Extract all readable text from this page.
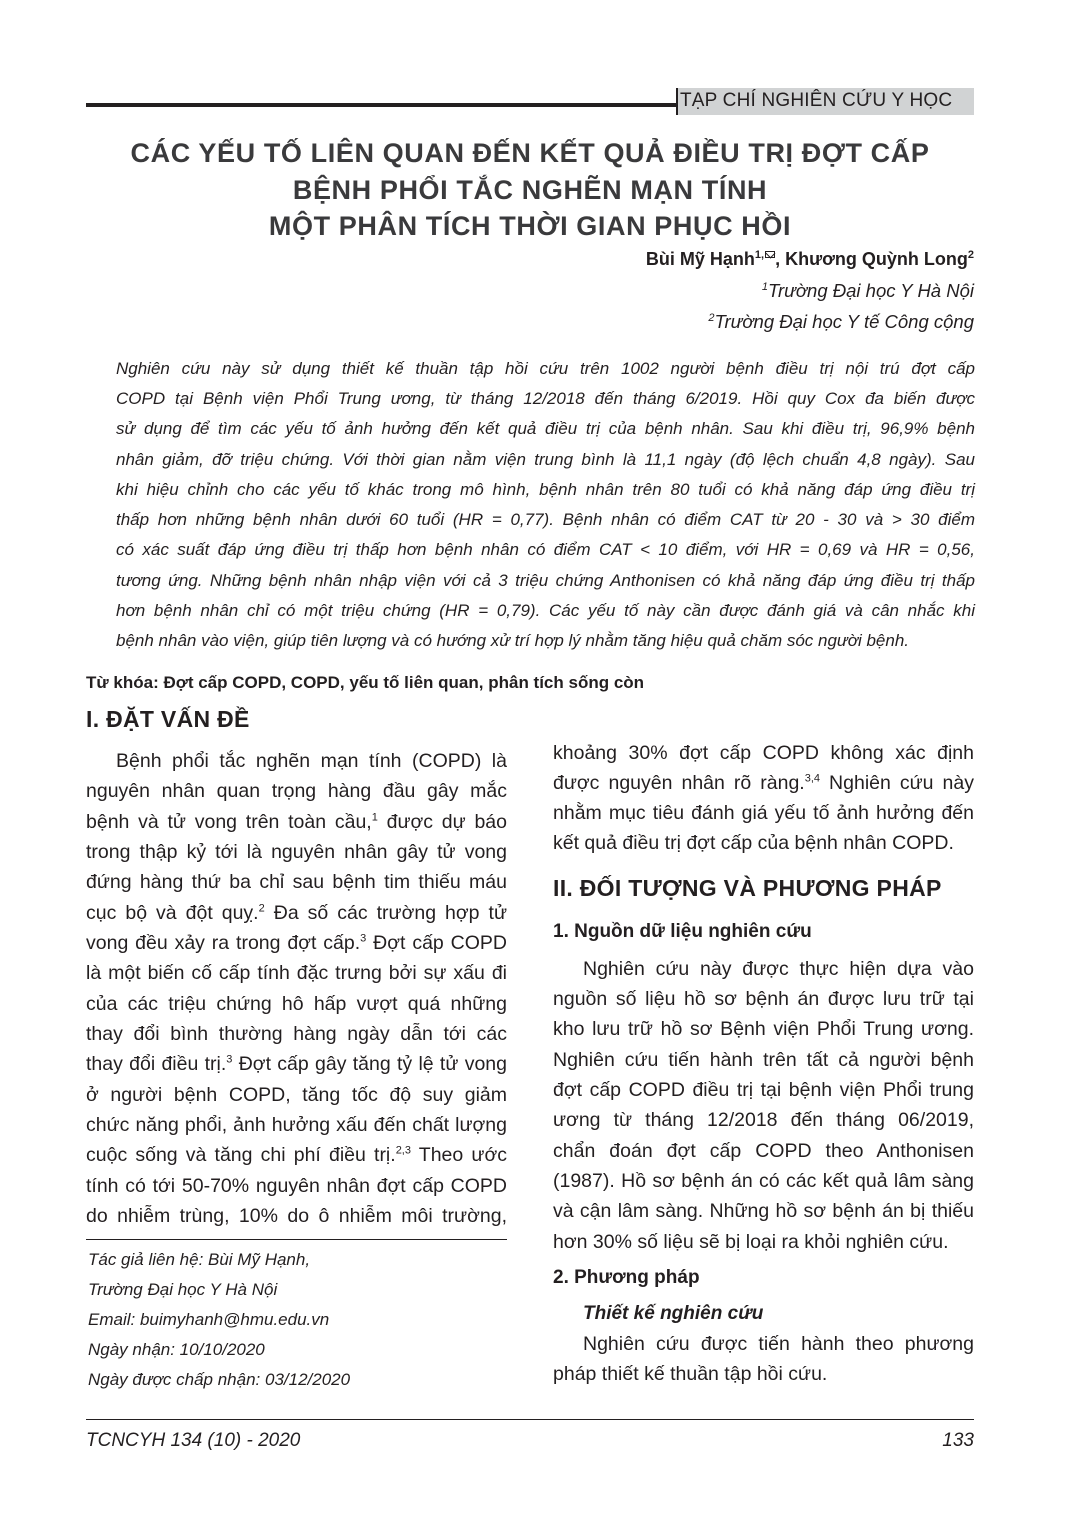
TẠP CHÍ NGHIÊN CỨU Y HỌC
CÁC YẾU TỐ LIÊN QUAN ĐẾN KẾT QUẢ ĐIỀU TRỊ ĐỢT CẤP
BỆNH PHỔI TẮC NGHẼN MẠN TÍNH
MỘT PHÂN TÍCH THỜI GIAN PHỤC HỒI
Bùi Mỹ Hạnh$^{1,}$ , Khương Quỳnh Long$^2$
$^1$Trường Đại học Y Hà Nội
$^2$Trường Đại học Y tế Công cộng
Nghiên cứu này sử dụng thiết kế thuần tập hồi cứu trên 1002 người bệnh điều trị nội trú đợt cấp
COPD tại Bệnh viện Phổi Trung ương, từ tháng 12/2018 đến tháng 6/2019. Hồi quy Cox đa biến được
sử dụng để tìm các yếu tố ảnh hưởng đến kết quả điều trị của bệnh nhân. Sau khi điều trị, 96,9% bệnh
nhân giảm, đỡ triệu chứng. Với thời gian nằm viện trung bình là 11,1 ngày (độ lệch chuẩn 4,8 ngày). Sau
khi hiệu chỉnh cho các yếu tố khác trong mô hình, bệnh nhân trên 80 tuổi có khả năng đáp ứng điều trị
thấp hơn những bệnh nhân dưới 60 tuổi (HR = 0,77). Bệnh nhân có điểm CAT từ 20 - 30 và > 30 điểm
có xác suất đáp ứng điều trị thấp hơn bệnh nhân có điểm CAT < 10 điểm, với HR = 0,69 và HR = 0,56,
tương ứng. Những bệnh nhân nhập viện với cả 3 triệu chứng Anthonisen có khả năng đáp ứng điều trị thấp
hơn bệnh nhân chỉ có một triệu chứng (HR = 0,79). Các yếu tố này cần được đánh giá và cân nhắc khi
bệnh nhân vào viện, giúp tiên lượng và có hướng xử trí hợp lý nhằm tăng hiệu quả chăm sóc người bệnh.
Từ khóa: Đợt cấp COPD, COPD, yếu tố liên quan, phân tích sống còn
I. ĐẶT VẤN ĐỀ
Bệnh phổi tắc nghẽn mạn tính (COPD) là
nguyên nhân quan trọng hàng đầu gây mắc
bệnh và tử vong trên toàn cầu,$^1$ được dự báo
trong thập kỷ tới là nguyên nhân gây tử vong
đứng hàng thứ ba chỉ sau bệnh tim thiếu máu
cục bộ và đột quỵ.$^2$ Đa số các trường hợp tử
vong đều xảy ra trong đợt cấp.$^3$ Đợt cấp COPD
là một biến cố cấp tính đặc trưng bởi sự xấu đi
của các triệu chứng hô hấp vượt quá những
thay đổi bình thường hàng ngày dẫn tới các
thay đổi điều trị.$^3$ Đợt cấp gây tăng tỷ lệ tử vong
ở người bệnh COPD, tăng tốc độ suy giảm
chức năng phổi, ảnh hưởng xấu đến chất lượng
cuộc sống và tăng chi phí điều trị.$^{2,3}$ Theo ước
tính có tới 50-70% nguyên nhân đợt cấp COPD
do nhiễm trùng, 10% do ô nhiễm môi trường,
Tác giả liên hệ: Bùi Mỹ Hạnh,
Trường Đại học Y Hà Nội
Email: buimyhanh@hmu.edu.vn
Ngày nhận: 10/10/2020
Ngày được chấp nhận: 03/12/2020
khoảng 30% đợt cấp COPD không xác định
được nguyên nhân rõ ràng.$^{3,4}$ Nghiên cứu này
nhằm mục tiêu đánh giá yếu tố ảnh hưởng đến
kết quả điều trị đợt cấp của bệnh nhân COPD.
II. ĐỐI TƯỢNG VÀ PHƯƠNG PHÁP
1. Nguồn dữ liệu nghiên cứu
Nghiên cứu này được thực hiện dựa vào
nguồn số liệu hồ sơ bệnh án được lưu trữ tại
kho lưu trữ hồ sơ Bệnh viện Phổi Trung ương.
Nghiên cứu tiến hành trên tất cả người bệnh
đợt cấp COPD điều trị tại bệnh viện Phổi trung
ương từ tháng 12/2018 đến tháng 06/2019,
chẩn đoán đợt cấp COPD theo Anthonisen
(1987). Hồ sơ bệnh án có các kết quả lâm sàng
và cận lâm sàng. Những hồ sơ bệnh án bị thiếu
hơn 30% số liệu sẽ bị loại ra khỏi nghiên cứu.
2. Phương pháp
Thiết kế nghiên cứu
Nghiên cứu được tiến hành theo phương
pháp thiết kế thuần tập hồi cứu.
TCNCYH 134 (10) - 2020	133
